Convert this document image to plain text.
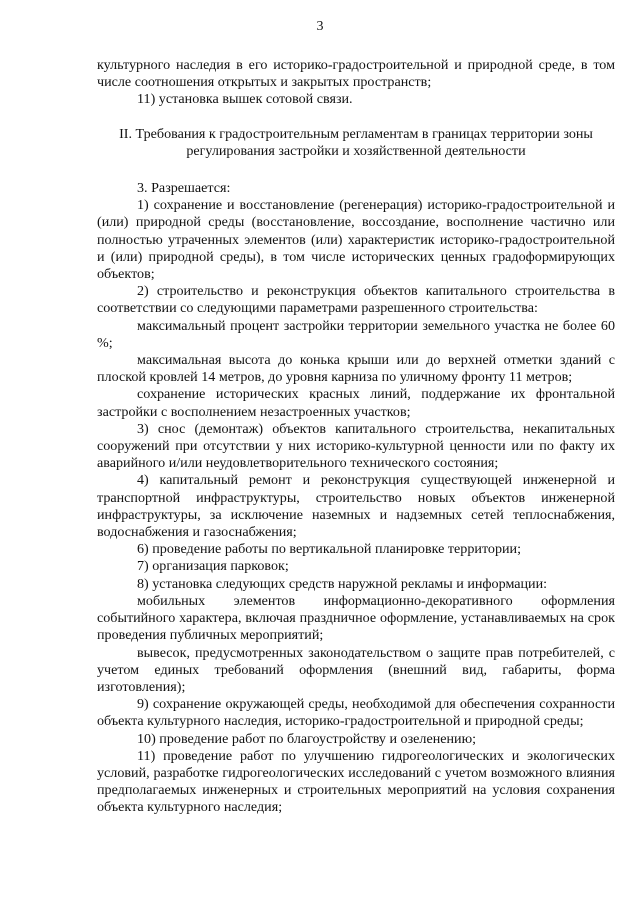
3

культурного наследия в его историко-градостроительной и природной среде, в том числе соотношения открытых и закрытых пространств;

11) установка вышек сотовой связи.

II. Требования к градостроительным регламентам в границах территории зоны регулирования застройки и хозяйственной деятельности

3. Разрешается:

1) сохранение и восстановление (регенерация) историко-градостроительной и (или) природной среды (восстановление, воссоздание, восполнение частично или полностью утраченных элементов (или) характеристик историко-градостроительной и (или) природной среды), в том числе исторических ценных градоформирующих объектов;

2) строительство и реконструкция объектов капитального строительства в соответствии со следующими параметрами разрешенного строительства:

максимальный процент застройки территории земельного участка не более 60 %;

максимальная высота до конька крыши или до верхней отметки зданий с плоской кровлей 14 метров, до уровня карниза по уличному фронту 11 метров;

сохранение исторических красных линий, поддержание их фронтальной застройки с восполнением незастроенных участков;

3) снос (демонтаж) объектов капитального строительства, некапитальных сооружений при отсутствии у них историко-культурной ценности или по факту их аварийного и/или неудовлетворительного технического состояния;

4) капитальный ремонт и реконструкция существующей инженерной и транспортной инфраструктуры, строительство новых объектов инженерной инфраструктуры, за исключение наземных и надземных сетей теплоснабжения, водоснабжения и газоснабжения;

6) проведение работы по вертикальной планировке территории;

7) организация парковок;

8) установка следующих средств наружной рекламы и информации:

мобильных элементов информационно-декоративного оформления событийного характера, включая праздничное оформление, устанавливаемых на срок проведения публичных мероприятий;

вывесок, предусмотренных законодательством о защите прав потребителей, с учетом единых требований оформления (внешний вид, габариты, форма изготовления);

9) сохранение окружающей среды, необходимой для обеспечения сохранности объекта культурного наследия, историко-градостроительной и природной среды;

10) проведение работ по благоустройству и озеленению;

11) проведение работ по улучшению гидрогеологических и экологических условий, разработке гидрогеологических исследований с учетом возможного влияния предполагаемых инженерных и строительных мероприятий на условия сохранения объекта культурного наследия;
